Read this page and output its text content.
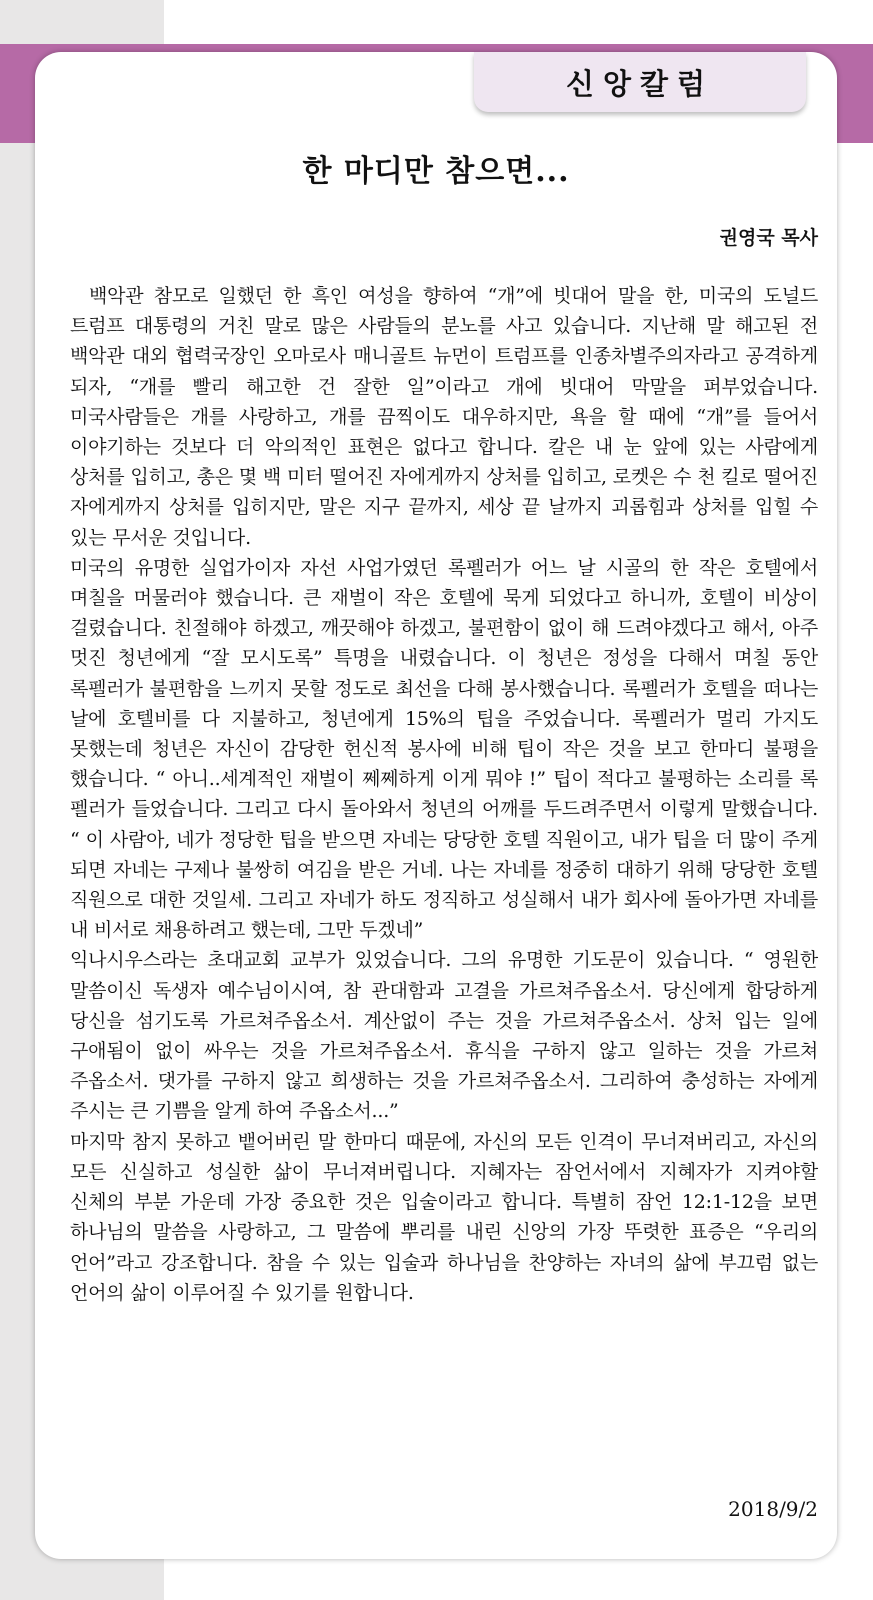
신앙칼럼
한 마디만 참으면...
권영국 목사

백악관 참모로 일했던 한 흑인 여성을 향하여 “개”에 빗대어 말을 한, 미국의 도널드 트럼프 대통령의 거친 말로 많은 사람들의 분노를 사고 있습니다. 지난해 말 해고된 전 백악관 대외 협력국장인 오마로사 매니골트 뉴먼이 트럼프를 인종차별주의자라고 공격하게 되자, “개를 빨리 해고한 건 잘한 일”이라고 개에 빗대어 막말을 퍼부었습니다. 미국사람들은 개를 사랑하고, 개를 끔찍이도 대우하지만, 욕을 할 때에 “개”를 들어서 이야기하는 것보다 더 악의적인 표현은 없다고 합니다. 칼은 내 눈 앞에 있는 사람에게 상처를 입히고, 총은 몇 백 미터 떨어진 자에게까지 상처를 입히고, 로켓은 수 천 킬로 떨어진 자에게까지 상처를 입히지만, 말은 지구 끝까지, 세상 끝 날까지 괴롭힘과 상처를 입힐 수 있는 무서운 것입니다.

미국의 유명한 실업가이자 자선 사업가였던 록펠러가 어느 날 시골의 한 작은 호텔에서 며칠을 머물러야 했습니다. 큰 재벌이 작은 호텔에 묵게 되었다고 하니까, 호텔이 비상이 걸렸습니다. 친절해야 하겠고, 깨끗해야 하겠고, 불편함이 없이 해 드려야겠다고 해서, 아주 멋진 청년에게 “잘 모시도록” 특명을 내렸습니다. 이 청년은 정성을 다해서 며칠 동안 록펠러가 불편함을 느끼지 못할 정도로 최선을 다해 봉사했습니다. 록펠러가 호텔을 떠나는 날에 호텔비를 다 지불하고, 청년에게 15%의 팁을 주었습니다. 록펠러가 멀리 가지도 못했는데 청년은 자신이 감당한 헌신적 봉사에 비해 팁이 작은 것을 보고 한마디 불평을 했습니다. “ 아니..세계적인 재벌이 쩨쩨하게 이게 뭐야 !” 팁이 적다고 불평하는 소리를 록 펠러가 들었습니다. 그리고 다시 돌아와서 청년의 어깨를 두드려주면서 이렇게 말했습니다. “ 이 사람아, 네가 정당한 팁을 받으면 자네는 당당한 호텔 직원이고, 내가 팁을 더 많이 주게 되면 자네는 구제나 불쌍히 여김을 받은 거네. 나는 자네를 정중히 대하기 위해 당당한 호텔 직원으로 대한 것일세. 그리고 자네가 하도 정직하고 성실해서 내가 회사에 돌아가면 자네를 내 비서로 채용하려고 했는데, 그만 두겠네”

익나시우스라는 초대교회 교부가 있었습니다. 그의 유명한 기도문이 있습니다. “ 영원한 말씀이신 독생자 예수님이시여, 참 관대함과 고결을 가르쳐주옵소서. 당신에게 합당하게 당신을 섬기도록 가르쳐주옵소서. 계산없이 주는 것을 가르쳐주옵소서. 상처 입는 일에 구애됨이 없이 싸우는 것을 가르쳐주옵소서. 휴식을 구하지 않고 일하는 것을 가르쳐 주옵소서. 댓가를 구하지 않고 희생하는 것을 가르쳐주옵소서. 그리하여 충성하는 자에게 주시는 큰 기쁨을 알게 하여 주옵소서...”

마지막 참지 못하고 뱉어버린 말 한마디 때문에, 자신의 모든 인격이 무너져버리고, 자신의 모든 신실하고 성실한 삶이 무너져버립니다. 지혜자는 잠언서에서 지혜자가 지켜야할 신체의 부분 가운데 가장 중요한 것은 입술이라고 합니다. 특별히 잠언 12:1-12을 보면 하나님의 말씀을 사랑하고, 그 말씀에 뿌리를 내린 신앙의 가장 뚜렷한 표증은 “우리의 언어”라고 강조합니다. 참을 수 있는 입술과 하나님을 찬양하는 자녀의 삶에 부끄럼 없는 언어의 삶이 이루어질 수 있기를 원합니다.

2018/9/2
